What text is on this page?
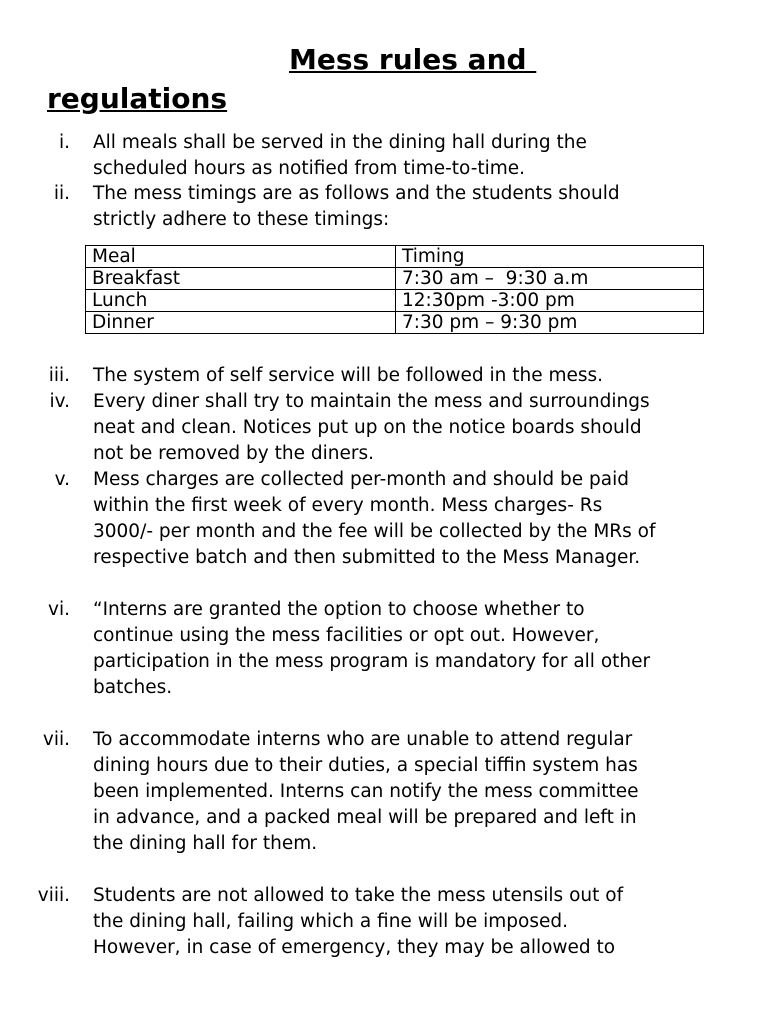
Mess rules and
regulations
i. All meals shall be served in the dining hall during the
scheduled hours as notified from time-to-time.
ii. The mess timings are as follows and the students should
strictly adhere to these timings:
Meal	Timing
Breakfast	7:30 am –  9:30 a.m
Lunch	12:30pm -3:00 pm
Dinner	7:30 pm – 9:30 pm
iii. The system of self service will be followed in the mess.
iv. Every diner shall try to maintain the mess and surroundings
neat and clean. Notices put up on the notice boards should
not be removed by the diners.
v. Mess charges are collected per-month and should be paid
within the first week of every month. Mess charges- Rs
3000/- per month and the fee will be collected by the MRs of
respective batch and then submitted to the Mess Manager.
vi. “Interns are granted the option to choose whether to
continue using the mess facilities or opt out. However,
participation in the mess program is mandatory for all other
batches.
vii. To accommodate interns who are unable to attend regular
dining hours due to their duties, a special tiffin system has
been implemented. Interns can notify the mess committee
in advance, and a packed meal will be prepared and left in
the dining hall for them.
viii. Students are not allowed to take the mess utensils out of
the dining hall, failing which a fine will be imposed.
However, in case of emergency, they may be allowed to
